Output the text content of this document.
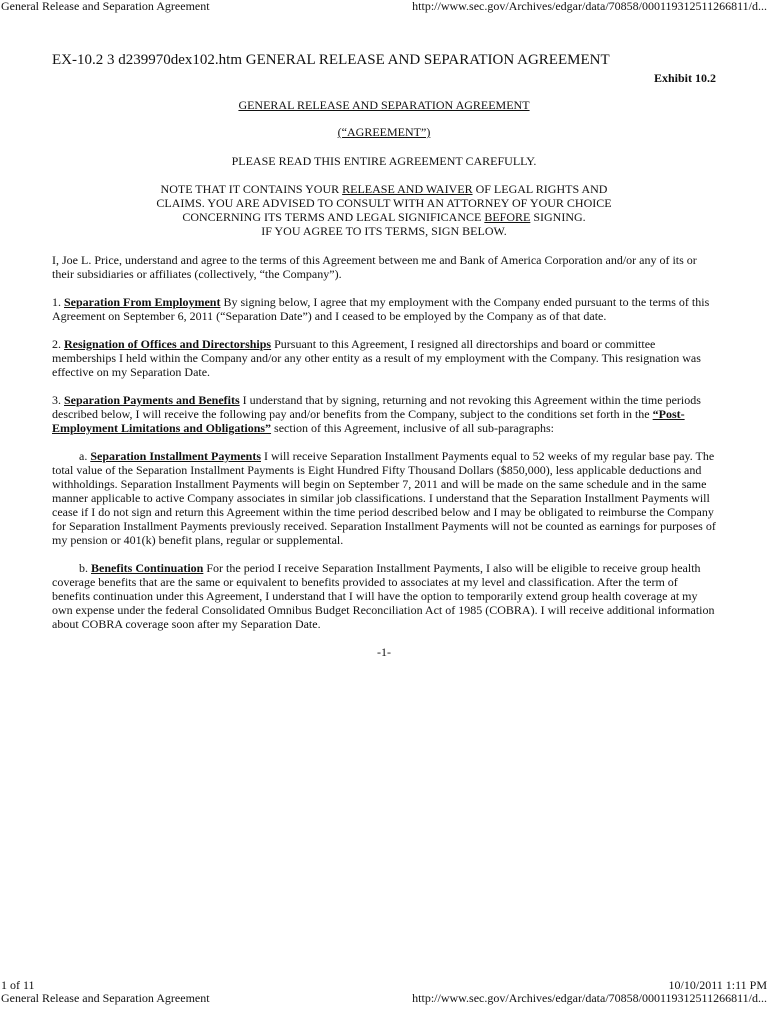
General Release and Separation Agreement	http://www.sec.gov/Archives/edgar/data/70858/000119312511266811/d...
EX-10.2 3 d239970dex102.htm GENERAL RELEASE AND SEPARATION AGREEMENT
Exhibit 10.2
GENERAL RELEASE AND SEPARATION AGREEMENT
(“AGREEMENT”)
PLEASE READ THIS ENTIRE AGREEMENT CAREFULLY.
NOTE THAT IT CONTAINS YOUR RELEASE AND WAIVER OF LEGAL RIGHTS AND
CLAIMS. YOU ARE ADVISED TO CONSULT WITH AN ATTORNEY OF YOUR CHOICE
CONCERNING ITS TERMS AND LEGAL SIGNIFICANCE BEFORE SIGNING.
IF YOU AGREE TO ITS TERMS, SIGN BELOW.

I, Joe L. Price, understand and agree to the terms of this Agreement between me and Bank of America Corporation and/or any of its or their subsidiaries or affiliates (collectively, “the Company”).

1. Separation From Employment By signing below, I agree that my employment with the Company ended pursuant to the terms of this Agreement on September 6, 2011 (“Separation Date”) and I ceased to be employed by the Company as of that date.

2. Resignation of Offices and Directorships Pursuant to this Agreement, I resigned all directorships and board or committee memberships I held within the Company and/or any other entity as a result of my employment with the Company. This resignation was effective on my Separation Date.

3. Separation Payments and Benefits I understand that by signing, returning and not revoking this Agreement within the time periods described below, I will receive the following pay and/or benefits from the Company, subject to the conditions set forth in the “Post-Employment Limitations and Obligations” section of this Agreement, inclusive of all sub-paragraphs:

a. Separation Installment Payments I will receive Separation Installment Payments equal to 52 weeks of my regular base pay. The total value of the Separation Installment Payments is Eight Hundred Fifty Thousand Dollars ($850,000), less applicable deductions and withholdings. Separation Installment Payments will begin on September 7, 2011 and will be made on the same schedule and in the same manner applicable to active Company associates in similar job classifications. I understand that the Separation Installment Payments will cease if I do not sign and return this Agreement within the time period described below and I may be obligated to reimburse the Company for Separation Installment Payments previously received. Separation Installment Payments will not be counted as earnings for purposes of my pension or 401(k) benefit plans, regular or supplemental.

b. Benefits Continuation For the period I receive Separation Installment Payments, I also will be eligible to receive group health coverage benefits that are the same or equivalent to benefits provided to associates at my level and classification. After the term of benefits continuation under this Agreement, I understand that I will have the option to temporarily extend group health coverage at my own expense under the federal Consolidated Omnibus Budget Reconciliation Act of 1985 (COBRA). I will receive additional information about COBRA coverage soon after my Separation Date.

-1-
1 of 11	10/10/2011 1:11 PM
General Release and Separation Agreement	http://www.sec.gov/Archives/edgar/data/70858/000119312511266811/d...
